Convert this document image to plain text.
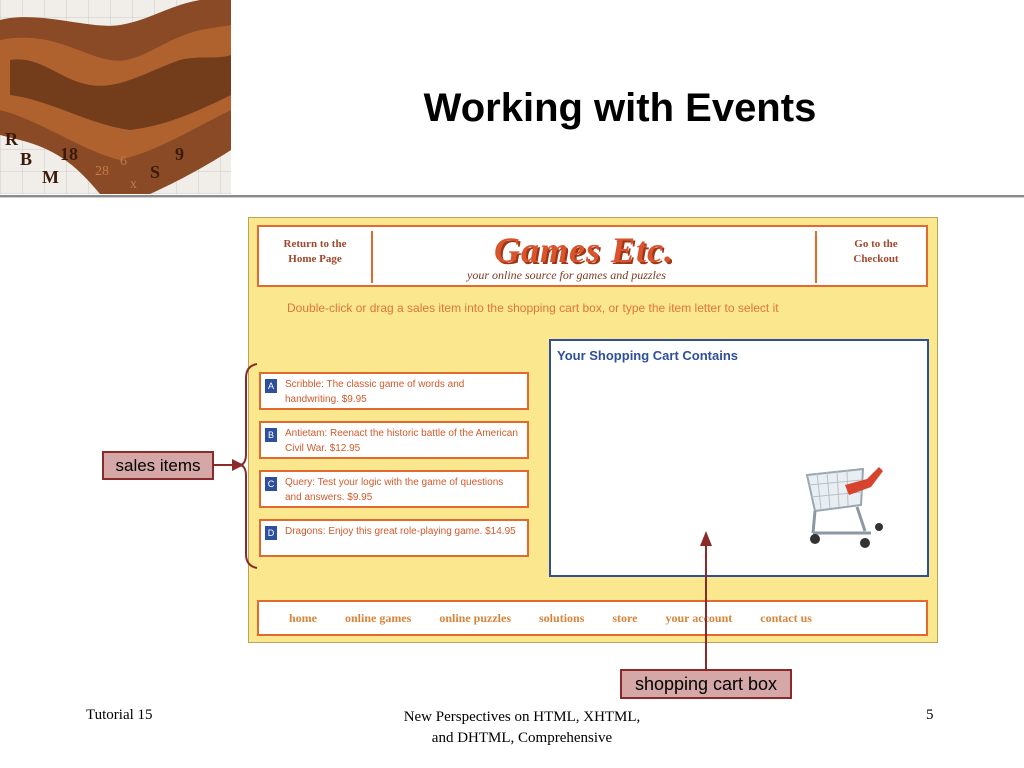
B
M
18
R
S
9
28
6
x
Working with Events
Return to the
Home Page	Games Etc.
your online source for games and puzzles
Go to the
Checkout
Double-click or drag a sales item into the shopping cart box, or type the item letter to select it
A	Scribble: The classic game of words and handwriting. $9.95
B	Antietam: Reenact the historic battle of the American Civil War. $12.95
C Query: Test your logic with the game of questions and answers. $9.95
D Dragons: Enjoy this great role-playing game. $14.95
Your Shopping Cart Contains
home online games online puzzles solutions store your account contact us
sales items
shopping cart box
Tutorial 15	New Perspectives on HTML, XHTML,
and DHTML, Comprehensive
5
